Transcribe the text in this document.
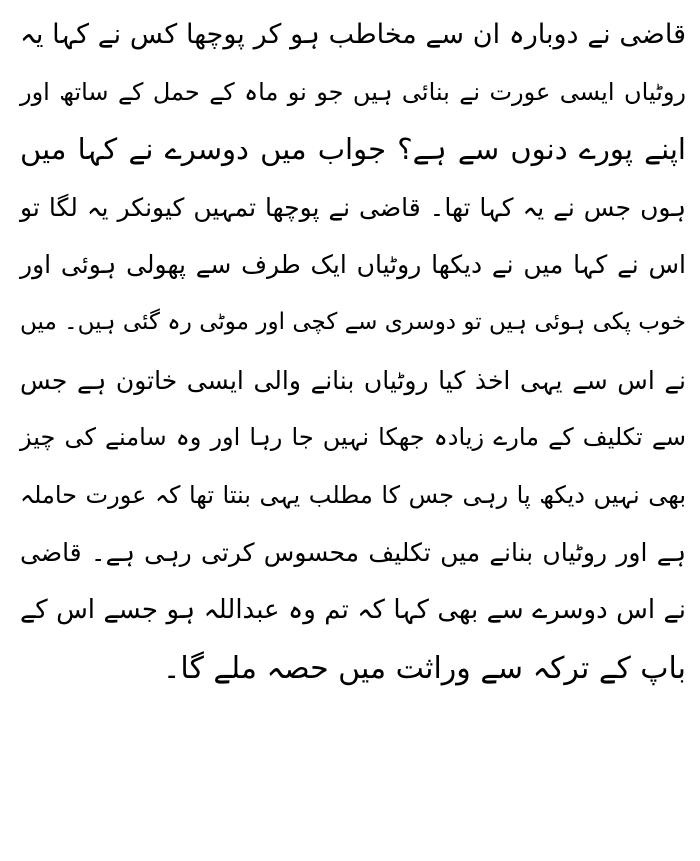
قاضی نے دوبارہ ان سے مخاطب ہو کر پوچھا کس نے کہا یہ
روٹیاں ایسی عورت نے بنائی ہیں جو نو ماہ کے حمل کے ساتھ اور
اپنے پورے دنوں سے ہے؟ جواب میں دوسرے نے کہا میں
ہوں جس نے یہ کہا تھا۔ قاضی نے پوچھا تمہیں کیونکر یہ لگا تو
اس نے کہا میں نے دیکھا روٹیاں ایک طرف سے پھولی ہوئی اور
خوب پکی ہوئی ہیں تو دوسری سے کچی اور موٹی رہ گئی ہیں۔ میں
نے اس سے یہی اخذ کیا روٹیاں بنانے والی ایسی خاتون ہے جس
سے تکلیف کے مارے زیادہ جھکا نہیں جا رہا اور وہ سامنے کی چیز
بھی نہیں دیکھ پا رہی جس کا مطلب یہی بنتا تھا کہ عورت حاملہ
ہے اور روٹیاں بنانے میں تکلیف محسوس کرتی رہی ہے۔ قاضی
نے اس دوسرے سے بھی کہا کہ تم وہ عبداللہ ہو جسے اس کے
باپ کے ترکہ سے وراثت میں حصہ ملے گا۔
